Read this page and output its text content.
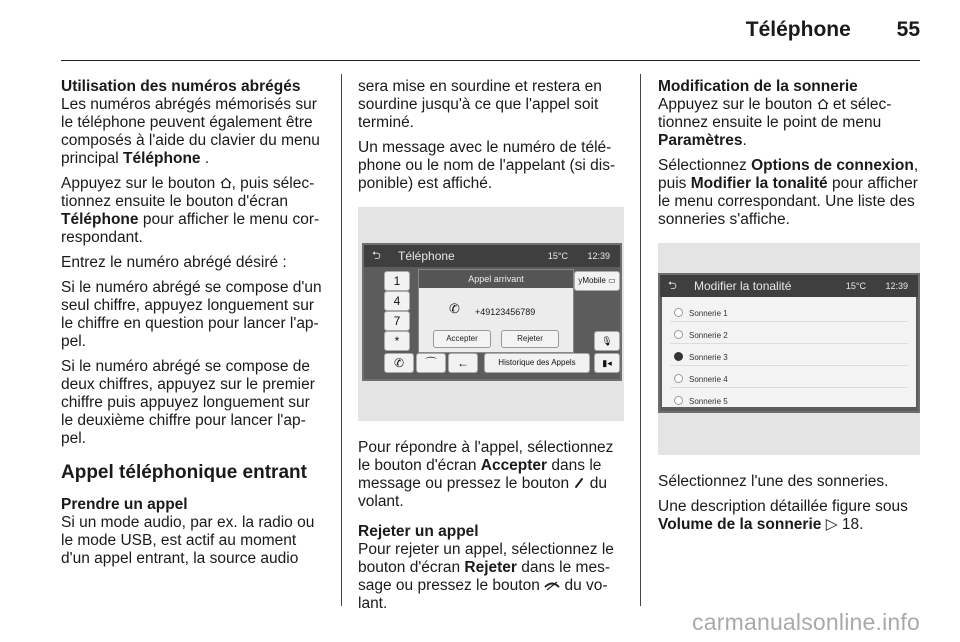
Téléphone 55
Utilisation des numéros abrégés

Les numéros abrégés mémorisés sur le téléphone peuvent également être composés à l'aide du clavier du menu principal Téléphone .

Appuyez sur le bouton , puis sélec- tionnez ensuite le bouton d'écran Téléphone pour afficher le menu cor- respondant.

Entrez le numéro abrégé désiré :

Si le numéro abrégé se compose d'un seul chiffre, appuyez longuement sur le chiffre en question pour lancer l'ap- pel.

Si le numéro abrégé se compose de deux chiffres, appuyez sur le premier chiffre puis appuyez longuement sur le deuxième chiffre pour lancer l'ap- pel.

Appel téléphonique entrant
Prendre un appel

Si un mode audio, par ex. la radio ou le mode USB, est actif au moment d'un appel entrant, la source audio

sera mise en sourdine et restera en sourdine jusqu'à ce que l'appel soit terminé.

Un message avec le numéro de télé- phone ou le nom de l'appelant (si dis- ponible) est affiché.

⮌ Téléphone	15°C 12:39
1
4
7
*
yMobile ▭
🎙
▮◂
✆	⌒	←	Historique des Appels
Appel arrivant
✆ +49123456789
Accepter	Rejeter

Pour répondre à l'appel, sélectionnez le bouton d'écran Accepter dans le message ou pressez le bouton  du volant.

Rejeter un appel

Pour rejeter un appel, sélectionnez le bouton d'écran Rejeter dans le mes- sage ou pressez le bouton  du vo- lant.

Modification de la sonnerie

Appuyez sur le bouton  et sélec- tionnez ensuite le point de menu Paramètres.

Sélectionnez Options de connexion, puis Modifier la tonalité pour afficher le menu correspondant. Une liste des sonneries s'affiche.

⮌ Modifier la tonalité	15°C 12:39
Sonnerie 1
Sonnerie 2
Sonnerie 3
Sonnerie 4
Sonnerie 5

Sélectionnez l'une des sonneries.

Une description détaillée figure sous Volume de la sonnerie ▷ 18.

carmanualsonline.info
